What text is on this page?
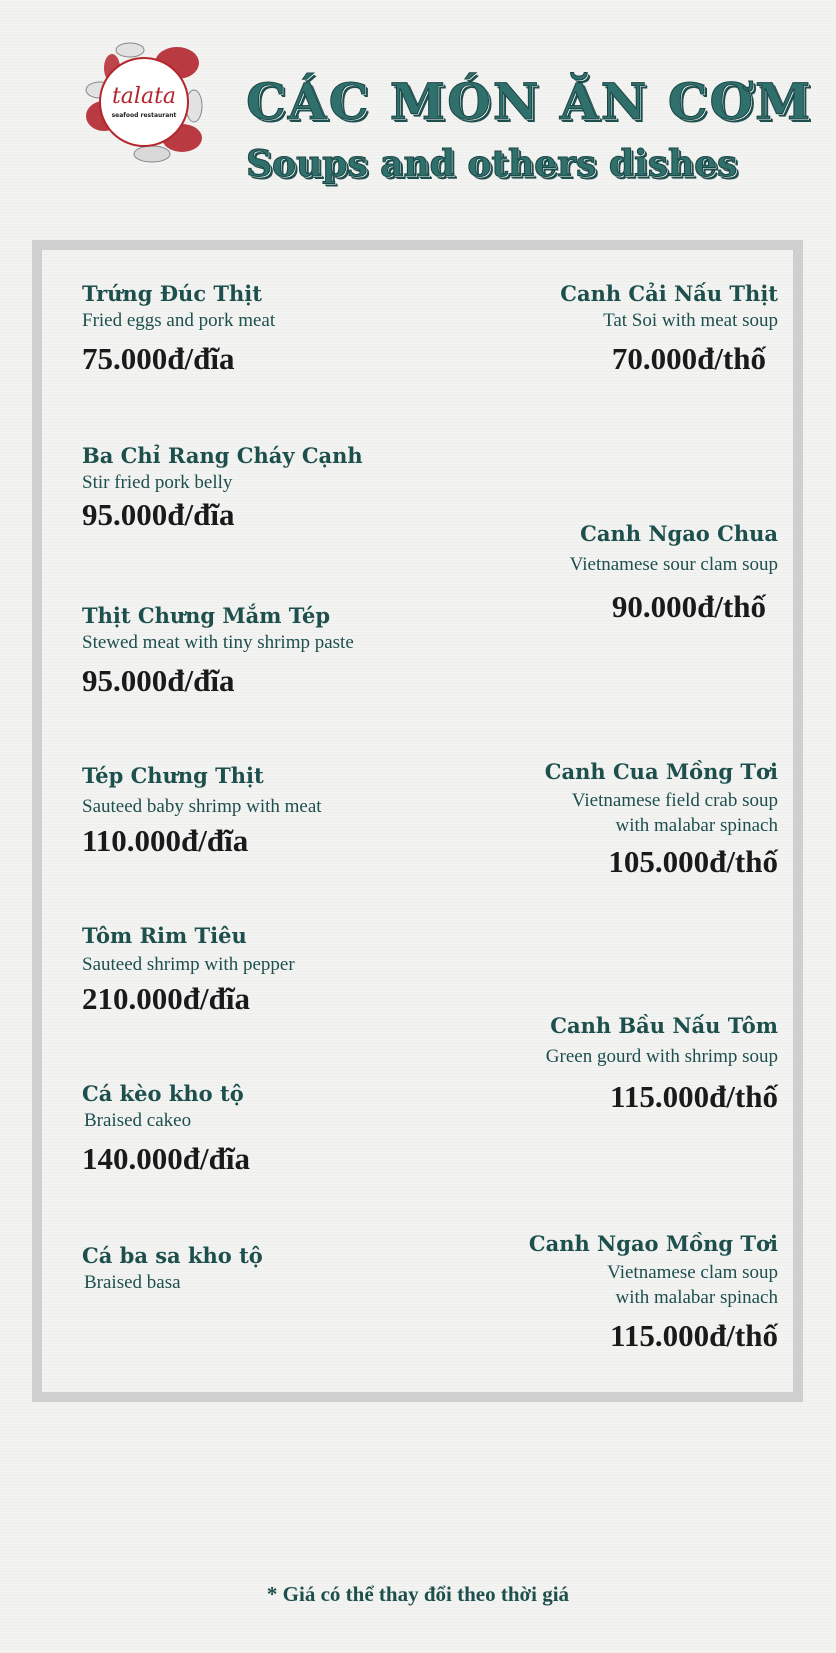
talata
seafood restaurant CÁC MÓN ĂN CƠM
Soups and others dishes
Trứng Đúc Thịt
Fried eggs and pork meat
75.000đ/đĩa
Ba Chỉ Rang Cháy Cạnh
Stir fried pork belly
95.000đ/đĩa
Thịt Chưng Mắm Tép
Stewed meat with tiny shrimp paste
95.000đ/đĩa
Tép Chưng Thịt
Sauteed baby shrimp with meat
110.000đ/đĩa
Tôm Rim Tiêu
Sauteed shrimp with pepper
210.000đ/đĩa
Cá kèo kho tộ
Braised cakeo
140.000đ/đĩa
Cá ba sa kho tộ
Braised basa
Canh Cải Nấu Thịt
Tat Soi with meat soup
70.000đ/thố
Canh Ngao Chua
Vietnamese sour clam soup
90.000đ/thố
Canh Cua Mồng Tơi
Vietnamese field crab soup
with malabar spinach
105.000đ/thố
Canh Bầu Nấu Tôm
Green gourd with shrimp soup
115.000đ/thố
Canh Ngao Mồng Tơi
Vietnamese clam soup
with malabar spinach
115.000đ/thố
* Giá có thể thay đổi theo thời giá
